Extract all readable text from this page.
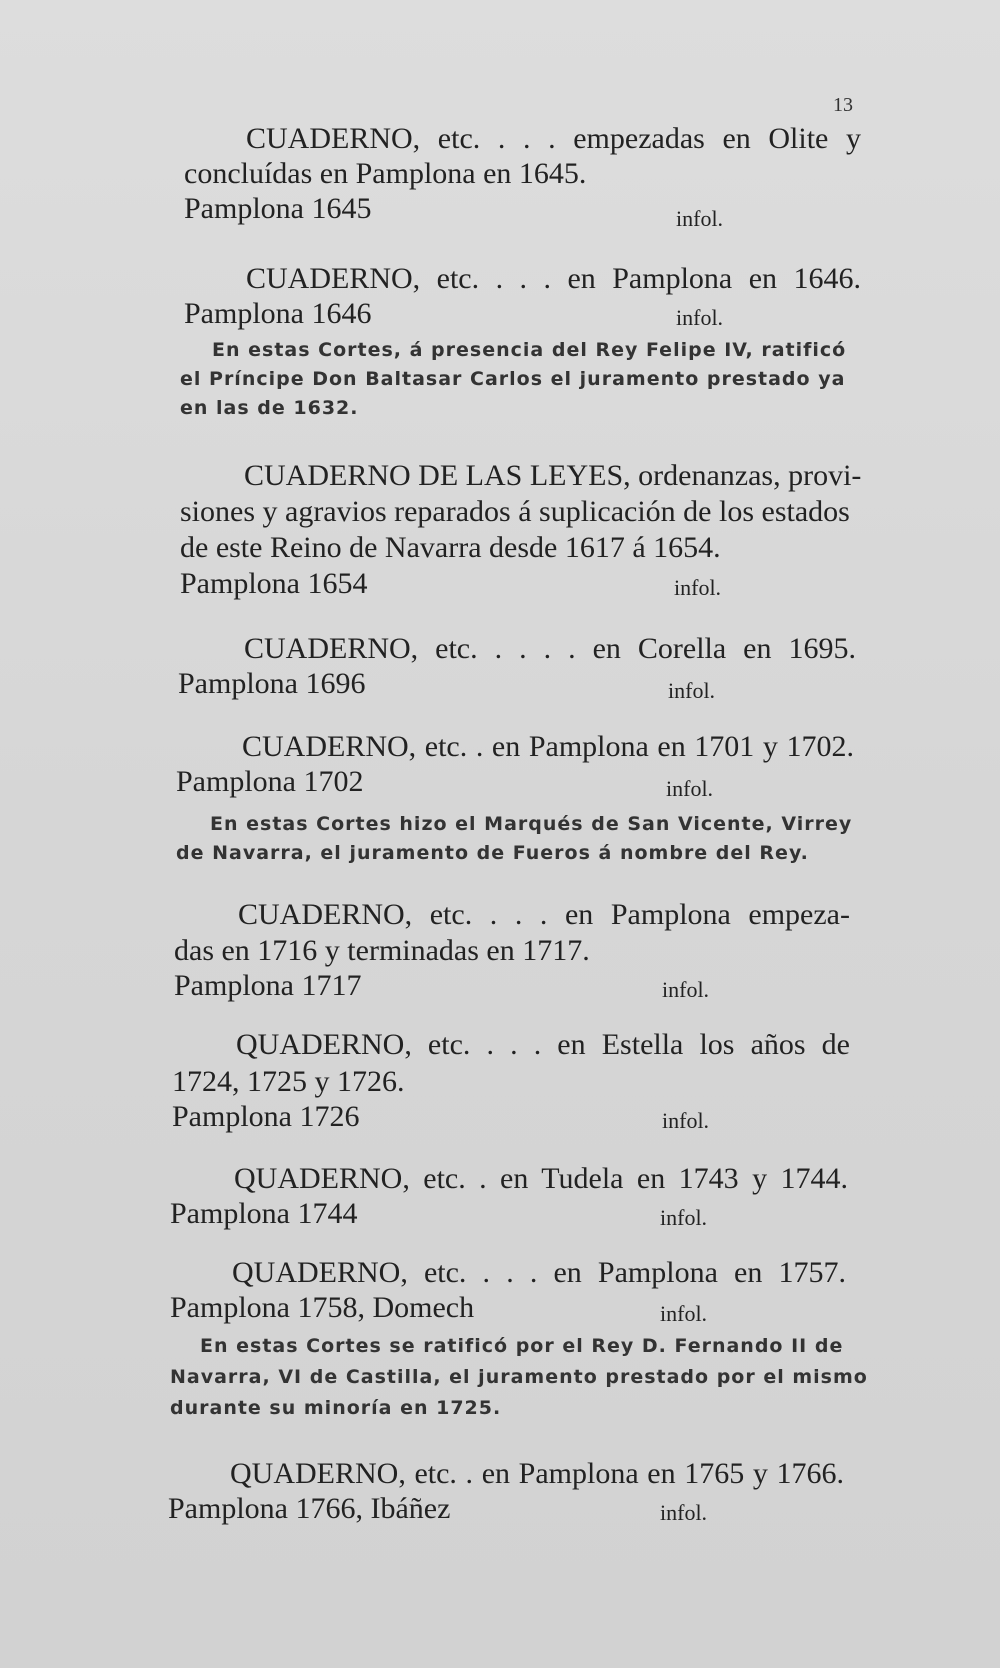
13
CUADERNO, etc. . . . empezadas en Olite y
concluídas en Pamplona en 1645.
Pamplona 1645	infol.
CUADERNO, etc. . . . en Pamplona en 1646.
Pamplona 1646	infol.
En estas Cortes, á presencia del Rey Felipe IV, ratificó
el Príncipe Don Baltasar Carlos el juramento prestado ya
en las de 1632.
CUADERNO DE LAS LEYES, ordenanzas, provi-
siones y agravios reparados á suplicación de los estados
de este Reino de Navarra desde 1617 á 1654.
Pamplona 1654	infol.
CUADERNO, etc. . . . . en Corella en 1695.
Pamplona 1696	infol.
CUADERNO, etc. . en Pamplona en 1701 y 1702.
Pamplona 1702	infol.
En estas Cortes hizo el Marqués de San Vicente, Virrey
de Navarra, el juramento de Fueros á nombre del Rey.
CUADERNO, etc. . . . en Pamplona empeza-
das en 1716 y terminadas en 1717.
Pamplona 1717	infol.
QUADERNO, etc. . . . en Estella los años de
1724, 1725 y 1726.
Pamplona 1726	infol.
QUADERNO, etc. . en Tudela en 1743 y 1744.
Pamplona 1744	infol.
QUADERNO, etc. . . . en Pamplona en 1757.
Pamplona 1758, Domech	infol.
En estas Cortes se ratificó por el Rey D. Fernando II de
Navarra, VI de Castilla, el juramento prestado por el mismo
durante su minoría en 1725.
QUADERNO, etc. . en Pamplona en 1765 y 1766.
Pamplona 1766, Ibáñez	infol.
